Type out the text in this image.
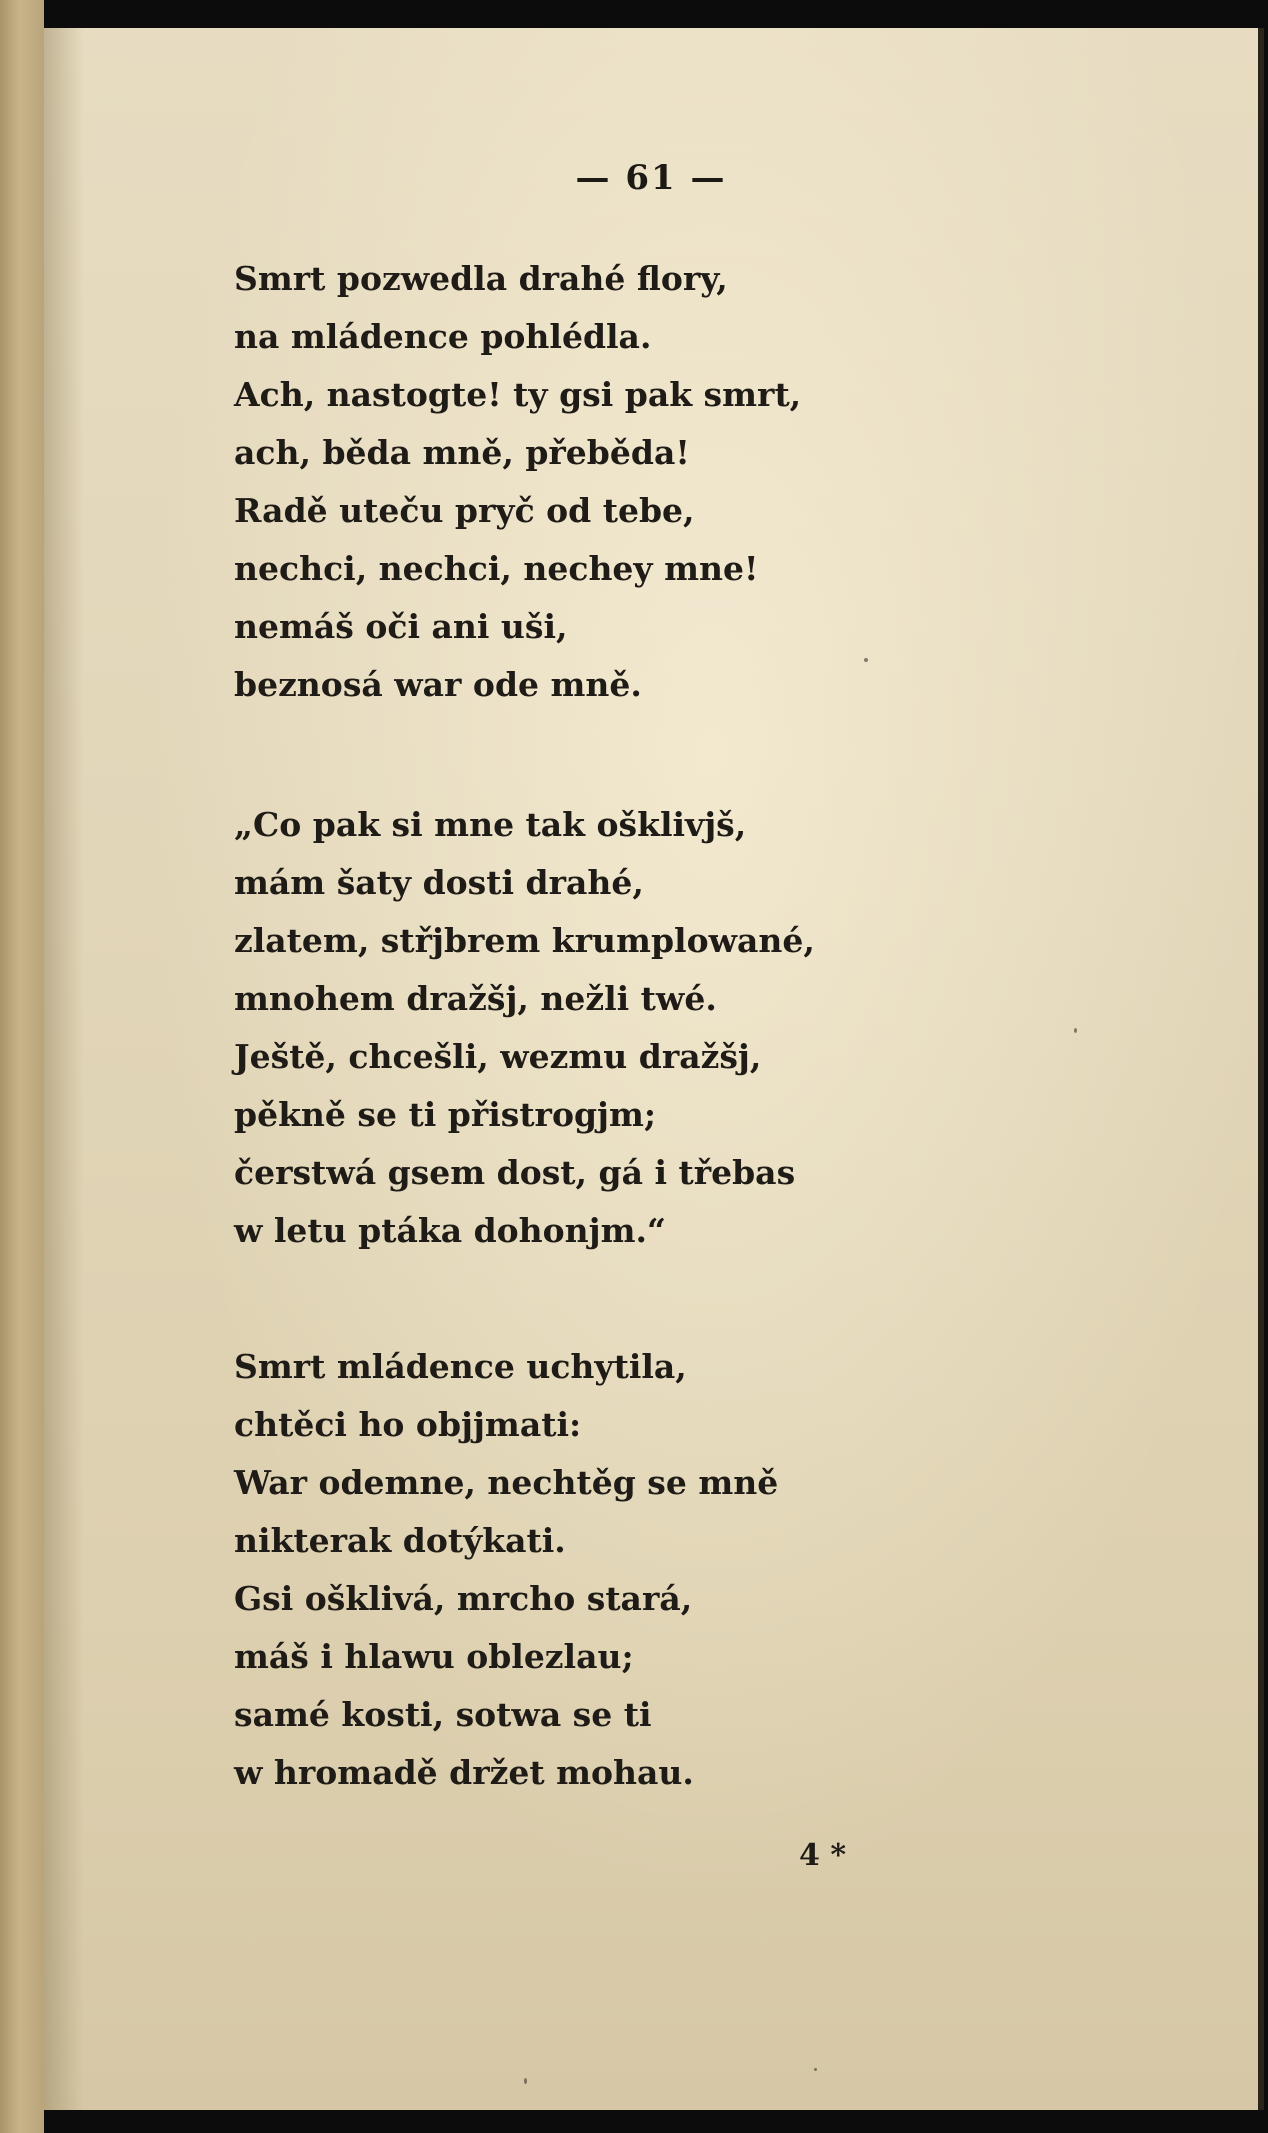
— 61 —
Smrt pozwedla drahé flory,
na mládence pohlédla.
Ach, nastogte! ty gsi pak smrt,
ach, běda mně, přeběda!
Radě uteču pryč od tebe,
nechci, nechci, nechey mne!
nemáš oči ani uši,
beznosá war ode mně.
„Co pak si mne tak ošklivjš,
mám šaty dosti drahé,
zlatem, střjbrem krumplowané,
mnohem dražšj, nežli twé.
Ještě, chcešli, wezmu dražšj,
pěkně se ti přistrogjm;
čerstwá gsem dost, gá i třebas
w letu ptáka dohonjm.“
Smrt mládence uchytila,
chtěci ho objjmati:
War odemne, nechtěg se mně
nikterak dotýkati.
Gsi ošklivá, mrcho stará,
máš i hlawu oblezlau;
samé kosti, sotwa se ti
w hromadě držet mohau.
4 *
